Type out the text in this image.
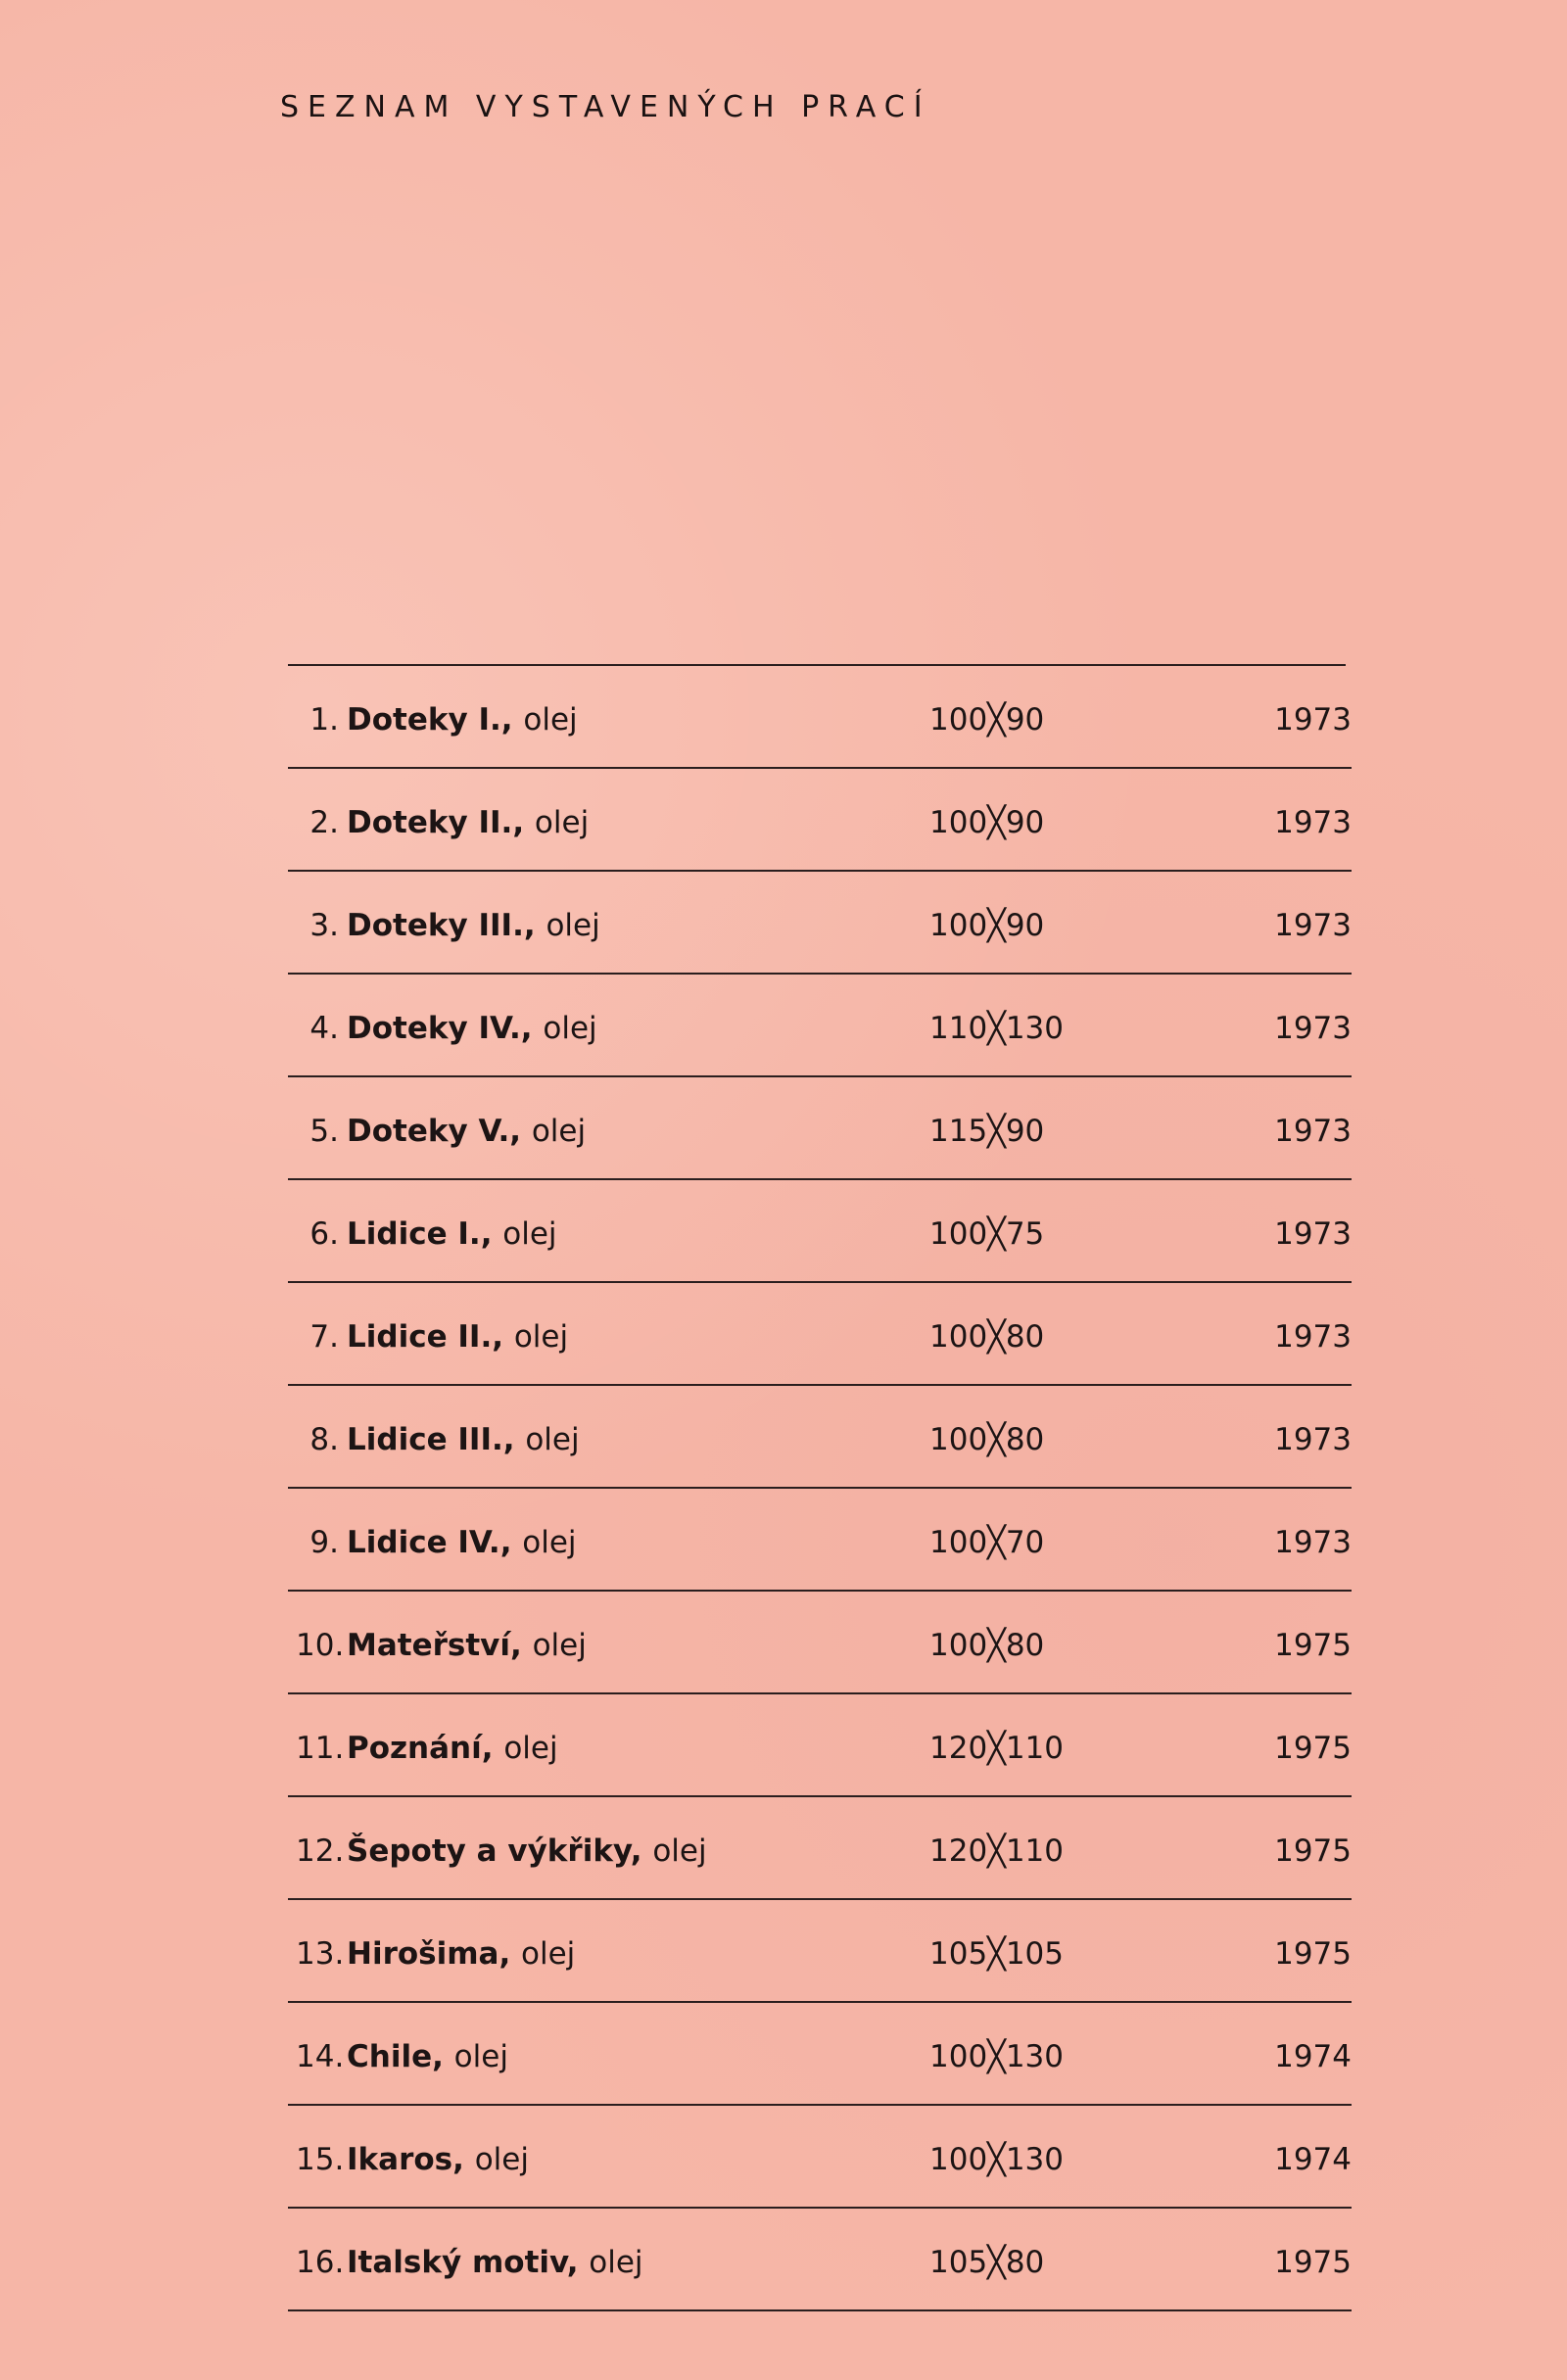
SEZNAM VYSTAVENÝCH PRACÍ
1. Doteky I., olej	100╳90	1973
2. Doteky II., olej	100╳90	1973
3. Doteky III., olej	100╳90	1973
4. Doteky IV., olej	110╳130	1973
5. Doteky V., olej	115╳90	1973
6. Lidice I., olej	100╳75	1973
7. Lidice II., olej	100╳80	1973
8. Lidice III., olej	100╳80	1973
9. Lidice IV., olej	100╳70	1973
10. Mateřství, olej	100╳80	1975
11. Poznání, olej	120╳110	1975
12. Šepoty a výkřiky, olej	120╳110	1975
13. Hirošima, olej	105╳105	1975
14. Chile, olej	100╳130	1974
15. Ikaros, olej	100╳130	1974
16. Italský motiv, olej	105╳80	1975
